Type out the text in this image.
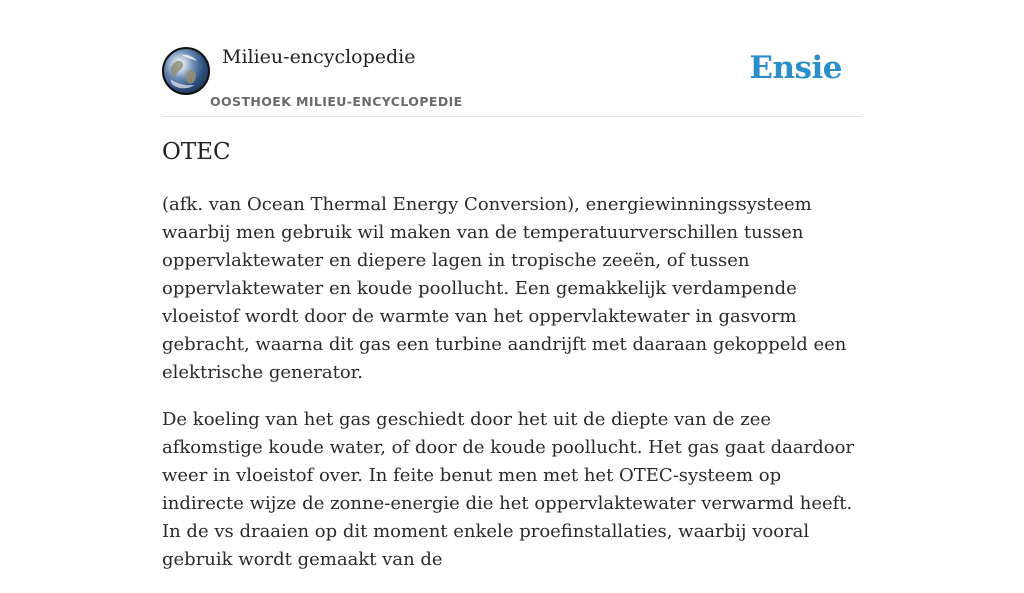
Milieu-encyclopedie
OOSTHOEK MILIEU-ENCYCLOPEDIE
Ensie
OTEC

(afk. van Ocean Thermal Energy Conversion), energiewinningssysteem waarbij men gebruik wil maken van de temperatuurverschillen tussen oppervlaktewater en diepere lagen in tropische zeeën, of tussen oppervlaktewater en koude poollucht. Een gemakkelijk verdampende vloeistof wordt door de warmte van het oppervlaktewater in gasvorm gebracht, waarna dit gas een turbine aandrijft met daaraan gekoppeld een elektrische generator.

De koeling van het gas geschiedt door het uit de diepte van de zee afkomstige koude water, of door de koude poollucht. Het gas gaat daardoor weer in vloeistof over. In feite benut men met het OTEC-systeem op indirecte wijze de zonne-energie die het oppervlaktewater verwarmd heeft. In de vs draaien op dit moment enkele proefinstallaties, waarbij vooral gebruik wordt gemaakt van de
